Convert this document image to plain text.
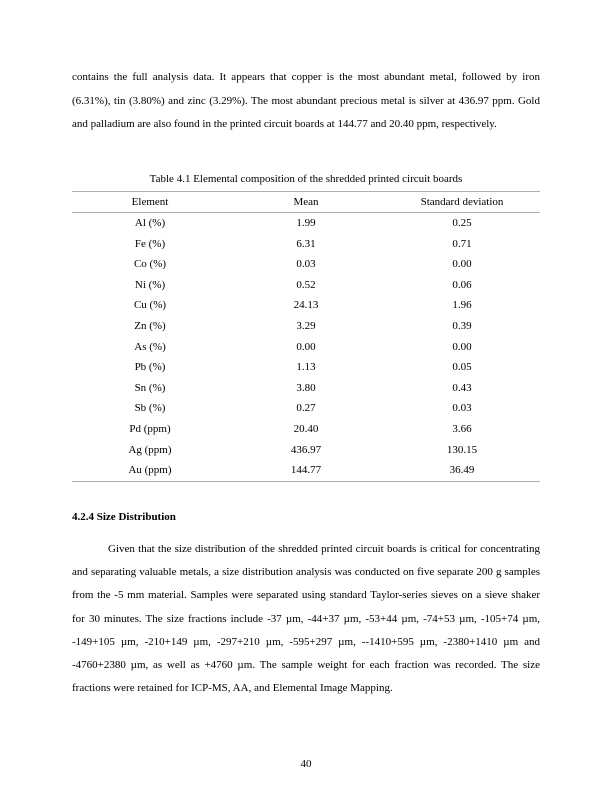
contains the full analysis data. It appears that copper is the most abundant metal, followed by iron (6.31%), tin (3.80%) and zinc (3.29%). The most abundant precious metal is silver at 436.97 ppm. Gold and palladium are also found in the printed circuit boards at 144.77 and 20.40 ppm, respectively.
Table 4.1 Elemental composition of the shredded printed circuit boards
Element	Mean	Standard deviation
Al (%)	1.99	0.25
Fe (%)	6.31	0.71
Co (%)	0.03	0.00
Ni (%)	0.52	0.06
Cu (%)	24.13	1.96
Zn (%)	3.29	0.39
As (%)	0.00	0.00
Pb (%)	1.13	0.05
Sn (%)	3.80	0.43
Sb (%)	0.27	0.03
Pd (ppm)	20.40	3.66
Ag (ppm)	436.97	130.15
Au (ppm)	144.77	36.49
4.2.4 Size Distribution
Given that the size distribution of the shredded printed circuit boards is critical for concentrating and separating valuable metals, a size distribution analysis was conducted on five separate 200 g samples from the -5 mm material. Samples were separated using standard Taylor-series sieves on a sieve shaker for 30 minutes. The size fractions include -37 µm, -44+37 µm, -53+44 µm, -74+53 µm, -105+74 µm, -149+105 µm, -210+149 µm, -297+210 µm, -595+297 µm, --1410+595 µm, -2380+1410 µm and -4760+2380 µm, as well as +4760 µm. The sample weight for each fraction was recorded. The size fractions were retained for ICP-MS, AA, and Elemental Image Mapping.
40
